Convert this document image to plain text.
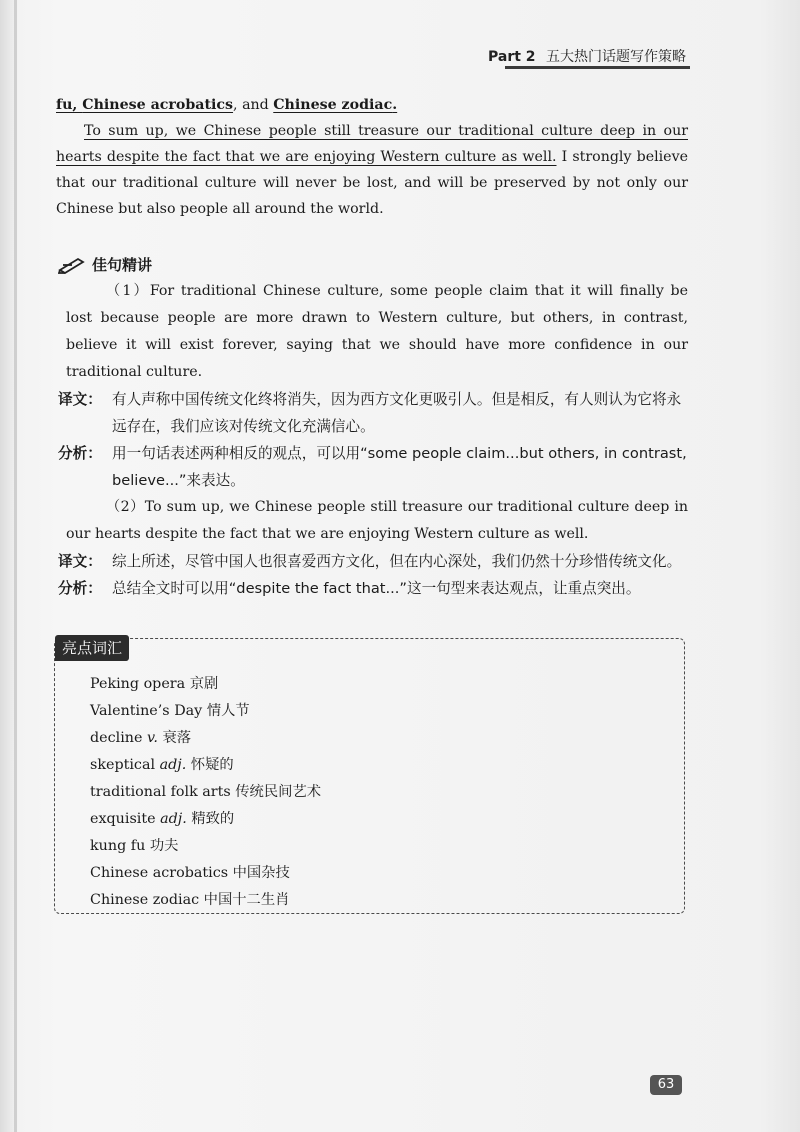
Part 2 五大热门话题写作策略

fu, Chinese acrobatics, and Chinese zodiac.

To sum up, we Chinese people still treasure our traditional culture deep in our hearts despite the fact that we are enjoying Western culture as well. I strongly believe that our traditional culture will never be lost, and will be preserved by not only our Chinese but also people all around the world.

佳句精讲

（1）For traditional Chinese culture, some people claim that it will finally be lost because people are more drawn to Western culture, but others, in contrast, believe it will exist forever, saying that we should have more confidence in our traditional culture.

译文： 有人声称中国传统文化终将消失，因为西方文化更吸引人。但是相反，有人则认为它将永远存在，我们应该对传统文化充满信心。
分析： 用一句话表述两种相反的观点，可以用“some people claim...but others, in contrast, believe...”来表达。

（2）To sum up, we Chinese people still treasure our traditional culture deep in our hearts despite the fact that we are enjoying Western culture as well.

译文： 综上所述，尽管中国人也很喜爱西方文化，但在内心深处，我们仍然十分珍惜传统文化。
分析： 总结全文时可以用“despite the fact that...”这一句型来表达观点，让重点突出。
亮点词汇
Peking opera 京剧
Valentine’s Day 情人节
decline v. 衰落
skeptical adj. 怀疑的
traditional folk arts 传统民间艺术
exquisite adj. 精致的
kung fu 功夫
Chinese acrobatics 中国杂技
Chinese zodiac 中国十二生肖
63
